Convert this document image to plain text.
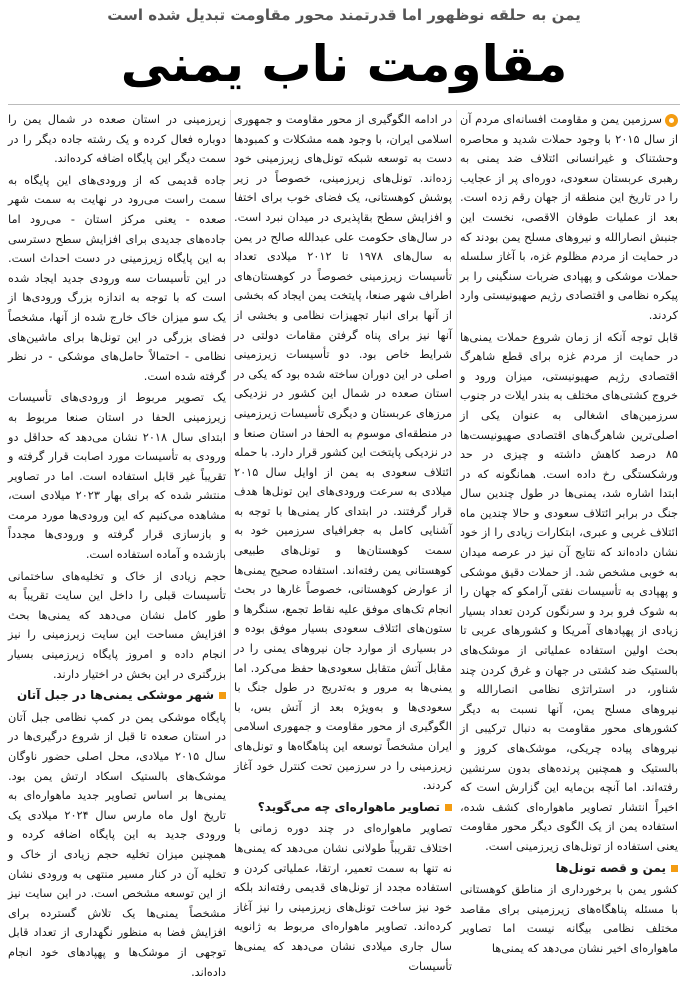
یمن به حلقه نوظهور اما قدرتمند محور مقاومت تبدیل شده است
مقاومت ناب یمنی

سرزمین یمن و مقاومت افسانه‌ای مردم آن از سال ۲۰۱۵ با وجود حملات شدید و محاصره وحشتناک و غیرانسانی ائتلاف ضد یمنی به رهبری عربستان سعودی، دوره‌ای پر از عجایب را در تاریخ این منطقه از جهان رقم زده است. بعد از عملیات طوفان الاقصی، نخست این جنبش انصارالله و نیروهای مسلح یمن بودند که در حمایت از مردم مظلوم غزه، با آغاز سلسله حملات موشکی و پهپادی ضربات سنگینی را بر پیکره نظامی و اقتصادی رژیم صهیونیستی وارد کردند.

قابل توجه آنکه از زمان شروع حملات یمنی‌ها در حمایت از مردم غزه برای قطع شاهرگ اقتصادی رژیم صهیونیستی، میزان ورود و خروج کشتی‌های مختلف به بندر ایلات در جنوب سرزمین‌های اشغالی به عنوان یکی از اصلی‌ترین شاهرگ‌های اقتصادی صهیونیست‌ها ۸۵ درصد کاهش داشته و چیزی در حد ورشکستگی رخ داده است. همانگونه که در ابتدا اشاره شد، یمنی‌ها در طول چندین سال جنگ در برابر ائتلاف سعودی و حالا چندین ماه ائتلاف غربی و عبری، ابتکارات زیادی را از خود نشان داده‌اند که نتایج آن نیز در عرصه میدان به خوبی مشخص شد. از حملات دقیق موشکی و پهپادی به تأسیسات نفتی آرامکو که جهان را به شوک فرو برد و سرنگون کردن تعداد بسیار زیادی از پهپادهای آمریکا و کشورهای عربی تا بحث اولین استفاده عملیاتی از موشک‌های بالستیک ضد کشتی در جهان و غرق کردن چند شناور، در استراتژی نظامی انصارالله و نیروهای مسلح یمن، آنها نسبت به دیگر کشورهای محور مقاومت به دنبال ترکیبی از نیروهای پیاده چریکی، موشک‌های کروز و بالستیک و همچنین پرنده‌های بدون سرنشین رفته‌اند. اما آنچه بن‌مایه این گزارش است که اخیراً انتشار تصاویر ماهواره‌ای کشف شده، استفاده یمن از یک الگوی دیگر محور مقاومت یعنی استفاده از تونل‌های زیرزمینی است.

یمن و قصه تونل‌ها

کشور یمن با برخورداری از مناطق کوهستانی با مسئله پناهگاه‌های زیرزمینی برای مقاصد مختلف نظامی بیگانه نیست اما تصاویر ماهواره‌ای اخیر نشان می‌دهد که یمنی‌ها

در ادامه الگوگیری از محور مقاومت و جمهوری اسلامی ایران، با وجود همه مشکلات و کمبودها دست به توسعه شبکه تونل‌های زیرزمینی خود زده‌اند. تونل‌های زیرزمینی، خصوصاً در زیر پوشش کوهستانی، یک فضای خوب برای اختفا و افزایش سطح بقاپذیری در میدان نبرد است. در سال‌های حکومت علی عبدالله صالح در یمن به سال‌های ۱۹۷۸ تا ۲۰۱۲ میلادی تعداد تأسیسات زیرزمینی خصوصاً در کوهستان‌های اطراف شهر صنعا، پایتخت یمن ایجاد که بخشی از آنها برای انبار تجهیزات نظامی و بخشی از آنها نیز برای پناه گرفتن مقامات دولتی در شرایط خاص بود. دو تأسیسات زیرزمینی اصلی در این دوران ساخته شده بود که یکی در استان صعده در شمال این کشور در نزدیکی مرزهای عربستان و دیگری تأسیسات زیرزمینی در منطقه‌ای موسوم به الحفا در استان صنعا و در نزدیکی پایتخت این کشور قرار دارد. با حمله ائتلاف سعودی به یمن از اوایل سال ۲۰۱۵ میلادی به سرعت ورودی‌های این تونل‌ها هدف قرار گرفتند. در ابتدای کار یمنی‌ها با توجه به آشنایی کامل به جغرافیای سرزمین خود به سمت کوهستان‌ها و تونل‌های طبیعی کوهستانی یمن رفته‌اند. استفاده صحیح یمنی‌ها از عوارض کوهستانی، خصوصاً غارها در بحث انجام تک‌های موفق علیه نقاط تجمع، سنگرها و ستون‌های ائتلاف سعودی بسیار موفق بوده و در بسیاری از موارد جان نیروهای یمنی را در مقابل آتش متقابل سعودی‌ها حفظ می‌کرد. اما یمنی‌ها به مرور و به‌تدریج در طول جنگ با سعودی‌ها و به‌ویژه بعد از آتش بس، با الگوگیری از محور مقاومت و جمهوری اسلامی ایران مشخصاً توسعه این پناهگاه‌ها و تونل‌های زیرزمینی را در سرزمین تحت کنترل خود آغاز کردند.

تصاویر ماهواره‌ای چه می‌گوید؟

تصاویر ماهواره‌ای در چند دوره زمانی با اختلاف تقریباً طولانی نشان می‌دهد که یمنی‌ها نه تنها به سمت تعمیر، ارتقا، عملیاتی کردن و استفاده مجدد از تونل‌های قدیمی رفته‌اند بلکه خود نیز ساخت تونل‌های زیرزمینی را نیز آغاز کرده‌اند. تصاویر ماهواره‌ای مربوط به ژانویه سال جاری میلادی نشان می‌دهد که یمنی‌ها تأسیسات

زیرزمینی در استان صعده در شمال یمن را دوباره فعال کرده و یک رشته جاده دیگر را در سمت دیگر این پایگاه اضافه کرده‌اند.

جاده قدیمی که از ورودی‌های این پایگاه به سمت راست می‌رود در نهایت به سمت شهر صعده - یعنی مرکز استان - می‌رود اما جاده‌های جدیدی برای افزایش سطح دسترسی به این پایگاه زیرزمینی در دست احداث است. در این تأسیسات سه ورودی جدید ایجاد شده است که با توجه به اندازه بزرگ ورودی‌ها از یک سو میزان خاک خارج شده از آنها، مشخصاً فضای بزرگی در این تونل‌ها برای ماشین‌های نظامی - احتمالاً حامل‌های موشکی - در نظر گرفته شده است.

یک تصویر مربوط از ورودی‌های تأسیسات زیرزمینی الحفا در استان صنعا مربوط به ابتدای سال ۲۰۱۸ نشان می‌دهد که حداقل دو ورودی به تأسیسات مورد اصابت قرار گرفته و تقریباً غیر قابل استفاده است. اما در تصاویر منتشر شده که برای بهار ۲۰۲۳ میلادی است، مشاهده می‌کنیم که این ورودی‌ها مورد مرمت و بازسازی قرار گرفته و ورودی‌ها مجدداً بازشده و آماده استفاده است.

حجم زیادی از خاک و تخلیه‌های ساختمانی تأسیسات قبلی را داخل این سایت تقریباً به طور کامل نشان می‌دهد که یمنی‌ها بحث افزایش مساحت این سایت زیرزمینی را نیز انجام داده و امروز پایگاه زیرزمینی بسیار بزرگتری در این بخش در اختیار دارند.

شهر موشکی یمنی‌ها در جبل آتان

پایگاه موشکی یمن در کمپ نظامی جبل آتان در استان صعده تا قبل از شروع درگیری‌ها در سال ۲۰۱۵ میلادی، محل اصلی حضور ناوگان موشک‌های بالستیک اسکاد ارتش یمن بود. یمنی‌ها بر اساس تصاویر جدید ماهواره‌ای به تاریخ اول ماه مارس سال ۲۰۲۴ میلادی یک ورودی جدید به این پایگاه اضافه کرده و همچنین میزان تخلیه حجم زیادی از خاک و تخلیه آن در کنار مسیر منتهی به ورودی نشان از این توسعه مشخص است. در این سایت نیز مشخصاً یمنی‌ها یک تلاش گسترده برای افزایش فضا به منظور نگهداری از تعداد قابل توجهی از موشک‌ها و پهپادهای خود انجام داده‌اند.
